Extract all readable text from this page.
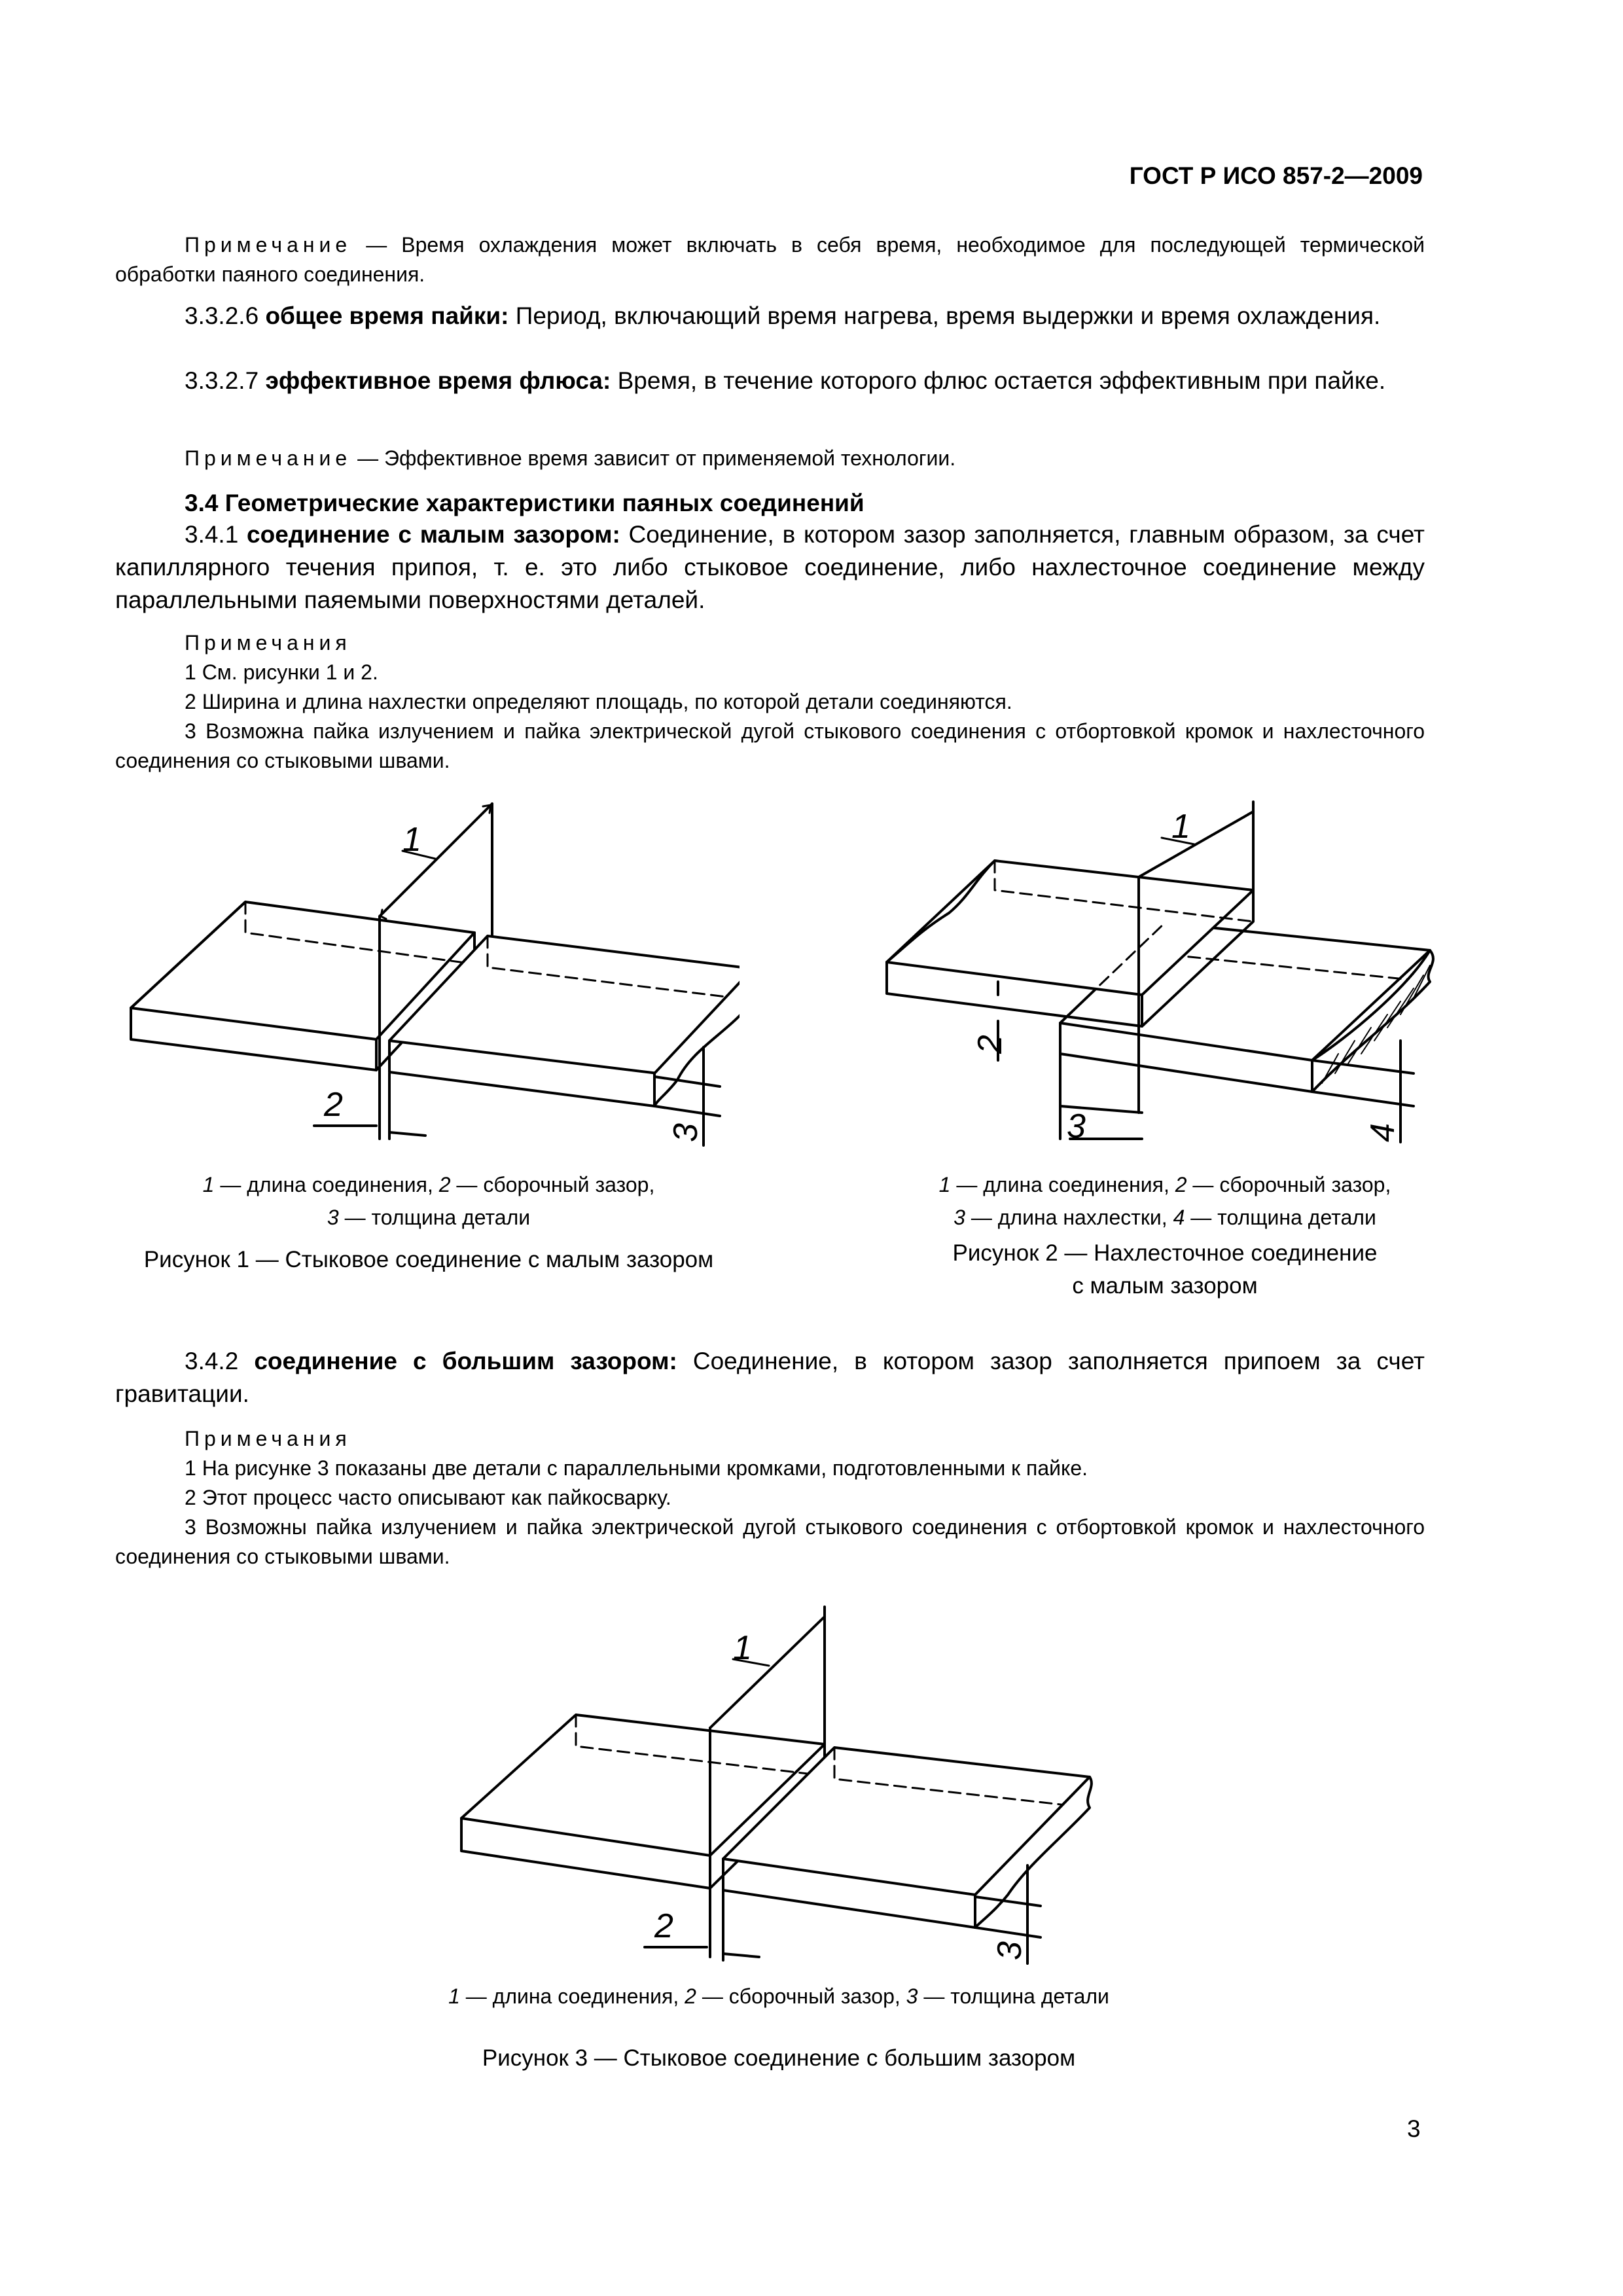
ГОСТ Р ИСО 857-2—2009
Примечание — Время охлаждения может включать в себя время, необходимое для последующей термической обработки паяного соединения.
3.3.2.6 общее время пайки: Период, включающий время нагрева, время выдержки и время охлаждения.
3.3.2.7 эффективное время флюса: Время, в течение которого флюс остается эффективным при пайке.
Примечание — Эффективное время зависит от применяемой технологии.
3.4 Геометрические характеристики паяных соединений
3.4.1 соединение с малым зазором: Соединение, в котором зазор заполняется, главным образом, за счет капиллярного течения припоя, т. е. это либо стыковое соединение, либо нахлесточное соединение между параллельными паяемыми поверхностями деталей.
Примечания
1 См. рисунки 1 и 2.
2 Ширина и длина нахлестки определяют площадь, по которой детали соединяются.
3 Возможна пайка излучением и пайка электрической дугой стыкового соединения с отбортовкой кромок и нахлесточного соединения со стыковыми швами.
1
2
3
1 — длина соединения, 2 — сборочный зазор,
3 — толщина детали
Рисунок 1 — Стыковое соединение с малым зазором
1
2
3	4
1 — длина соединения, 2 — сборочный зазор,
3 — длина нахлестки, 4 — толщина детали
Рисунок 2 — Нахлесточное соединение
с малым зазором
3.4.2 соединение с большим зазором: Соединение, в котором зазор заполняется припоем за счет гравитации.
Примечания
1 На рисунке 3 показаны две детали с параллельными кромками, подготовленными к пайке.
2 Этот процесс часто описывают как пайкосварку.
3 Возможны пайка излучением и пайка электрической дугой стыкового соединения с отбортовкой кромок и нахлесточного соединения со стыковыми швами.
1
2
3
1 — длина соединения, 2 — сборочный зазор, 3 — толщина детали
Рисунок 3 — Стыковое соединение с большим зазором
3
